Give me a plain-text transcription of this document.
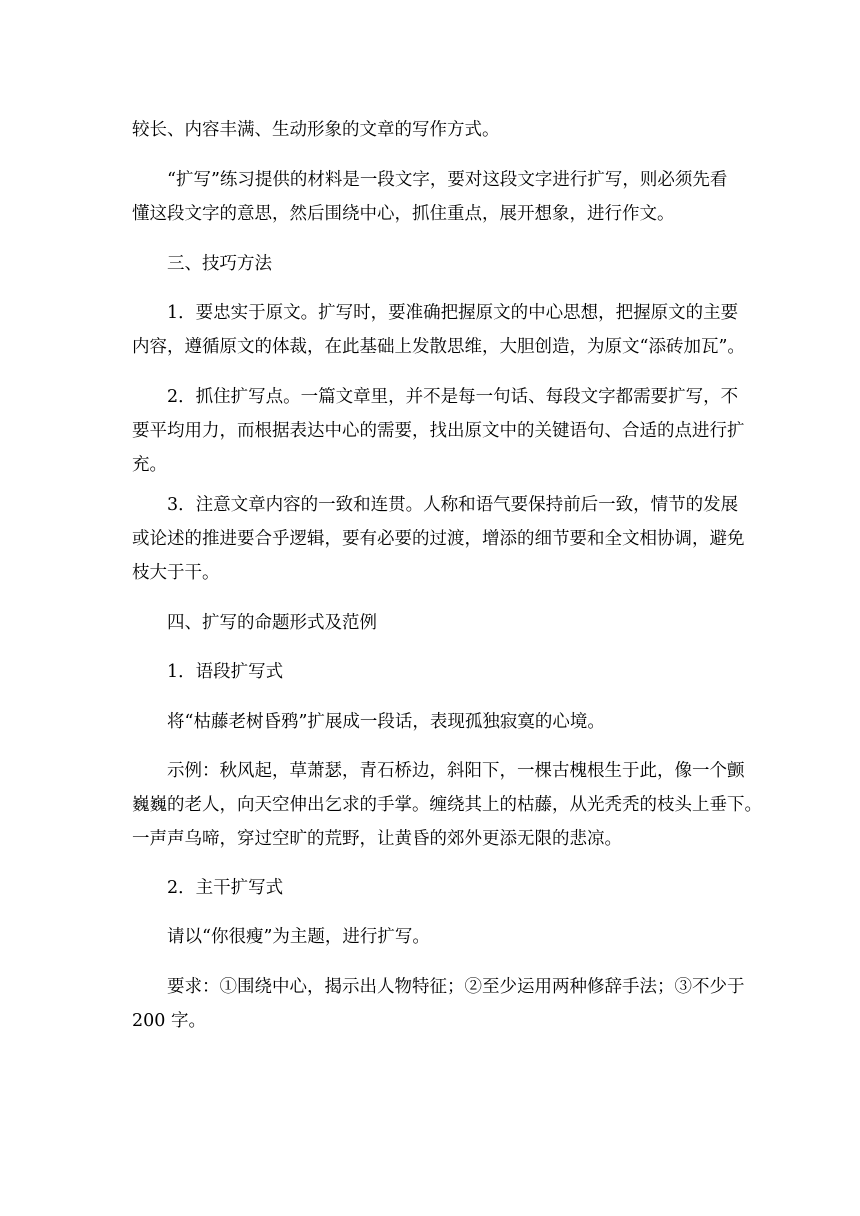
较长、内容丰满、生动形象的文章的写作方式。

“扩写”练习提供的材料是一段文字，要对这段文字进行扩写，则必须先看
懂这段文字的意思，然后围绕中心，抓住重点，展开想象，进行作文。

三、技巧方法

1．要忠实于原文。扩写时，要准确把握原文的中心思想，把握原文的主要
内容，遵循原文的体裁，在此基础上发散思维，大胆创造，为原文“添砖加瓦”。

2．抓住扩写点。一篇文章里，并不是每一句话、每段文字都需要扩写，不
要平均用力，而根据表达中心的需要，找出原文中的关键语句、合适的点进行扩
充。

3．注意文章内容的一致和连贯。人称和语气要保持前后一致，情节的发展
或论述的推进要合乎逻辑，要有必要的过渡，增添的细节要和全文相协调，避免
枝大于干。

四、扩写的命题形式及范例

1．语段扩写式

将“枯藤老树昏鸦”扩展成一段话，表现孤独寂寞的心境。

示例：秋风起，草萧瑟，青石桥边，斜阳下，一棵古槐根生于此，像一个颤
巍巍的老人，向天空伸出乞求的手掌。缠绕其上的枯藤，从光秃秃的枝头上垂下。
一声声乌啼，穿过空旷的荒野，让黄昏的郊外更添无限的悲凉。

2．主干扩写式

请以“你很瘦”为主题，进行扩写。

要求：①围绕中心，揭示出人物特征；②至少运用两种修辞手法；③不少于
200 字。
